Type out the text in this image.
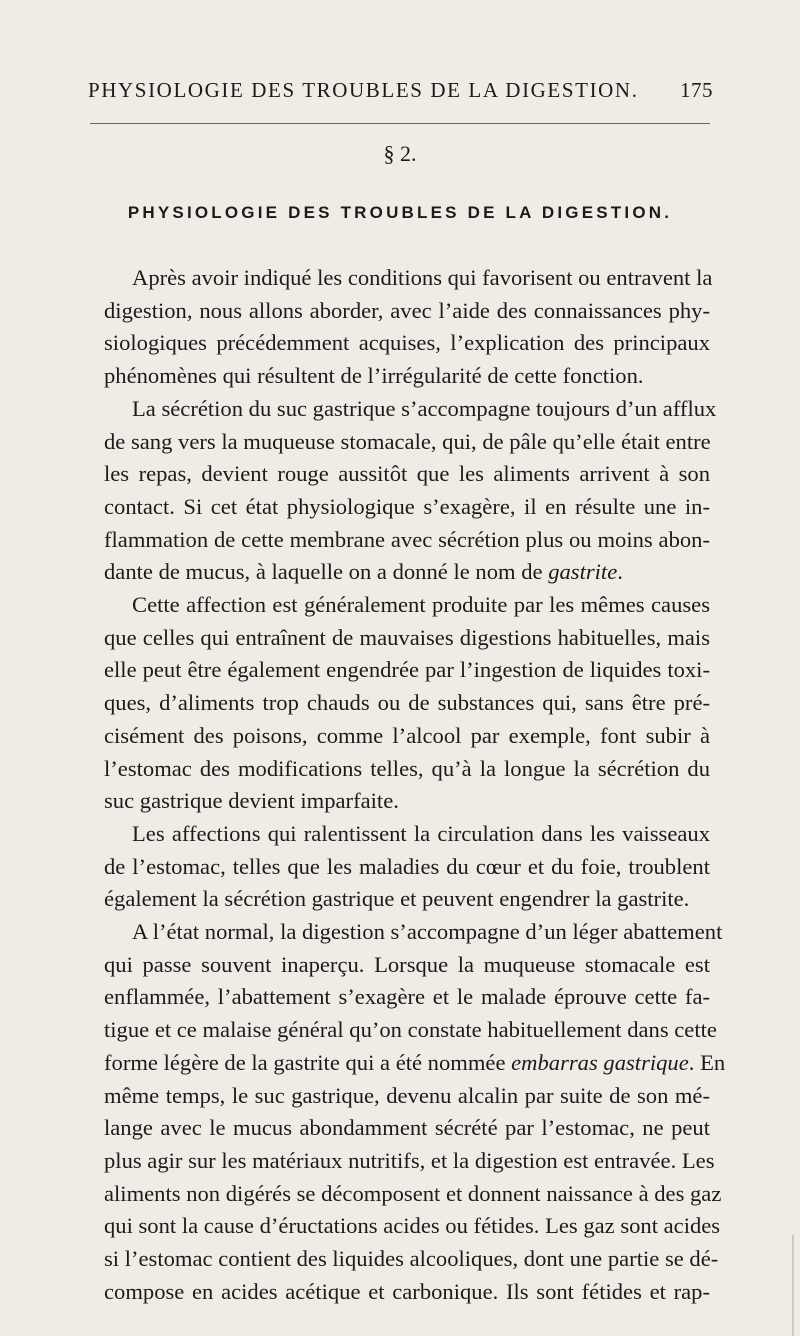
PHYSIOLOGIE DES TROUBLES DE LA DIGESTION. 175
§ 2.
PHYSIOLOGIE DES TROUBLES DE LA DIGESTION.
Après avoir indiqué les conditions qui favorisent ou entravent la
digestion, nous allons aborder, avec l’aide des connaissances phy-
siologiques précédemment acquises, l’explication des principaux
phénomènes qui résultent de l’irrégularité de cette fonction.
La sécrétion du suc gastrique s’accompagne toujours d’un afflux
de sang vers la muqueuse stomacale, qui, de pâle qu’elle était entre
les repas, devient rouge aussitôt que les aliments arrivent à son
contact. Si cet état physiologique s’exagère, il en résulte une in-
flammation de cette membrane avec sécrétion plus ou moins abon-
dante de mucus, à laquelle on a donné le nom de gastrite.
Cette affection est généralement produite par les mêmes causes
que celles qui entraînent de mauvaises digestions habituelles, mais
elle peut être également engendrée par l’ingestion de liquides toxi-
ques, d’aliments trop chauds ou de substances qui, sans être pré-
cisément des poisons, comme l’alcool par exemple, font subir à
l’estomac des modifications telles, qu’à la longue la sécrétion du
suc gastrique devient imparfaite.
Les affections qui ralentissent la circulation dans les vaisseaux
de l’estomac, telles que les maladies du cœur et du foie, troublent
également la sécrétion gastrique et peuvent engendrer la gastrite.
A l’état normal, la digestion s’accompagne d’un léger abattement
qui passe souvent inaperçu. Lorsque la muqueuse stomacale est
enflammée, l’abattement s’exagère et le malade éprouve cette fa-
tigue et ce malaise général qu’on constate habituellement dans cette
forme légère de la gastrite qui a été nommée embarras gastrique. En
même temps, le suc gastrique, devenu alcalin par suite de son mé-
lange avec le mucus abondamment sécrété par l’estomac, ne peut
plus agir sur les matériaux nutritifs, et la digestion est entravée. Les
aliments non digérés se décomposent et donnent naissance à des gaz
qui sont la cause d’éructations acides ou fétides. Les gaz sont acides
si l’estomac contient des liquides alcooliques, dont une partie se dé-
compose en acides acétique et carbonique. Ils sont fétides et rap-
